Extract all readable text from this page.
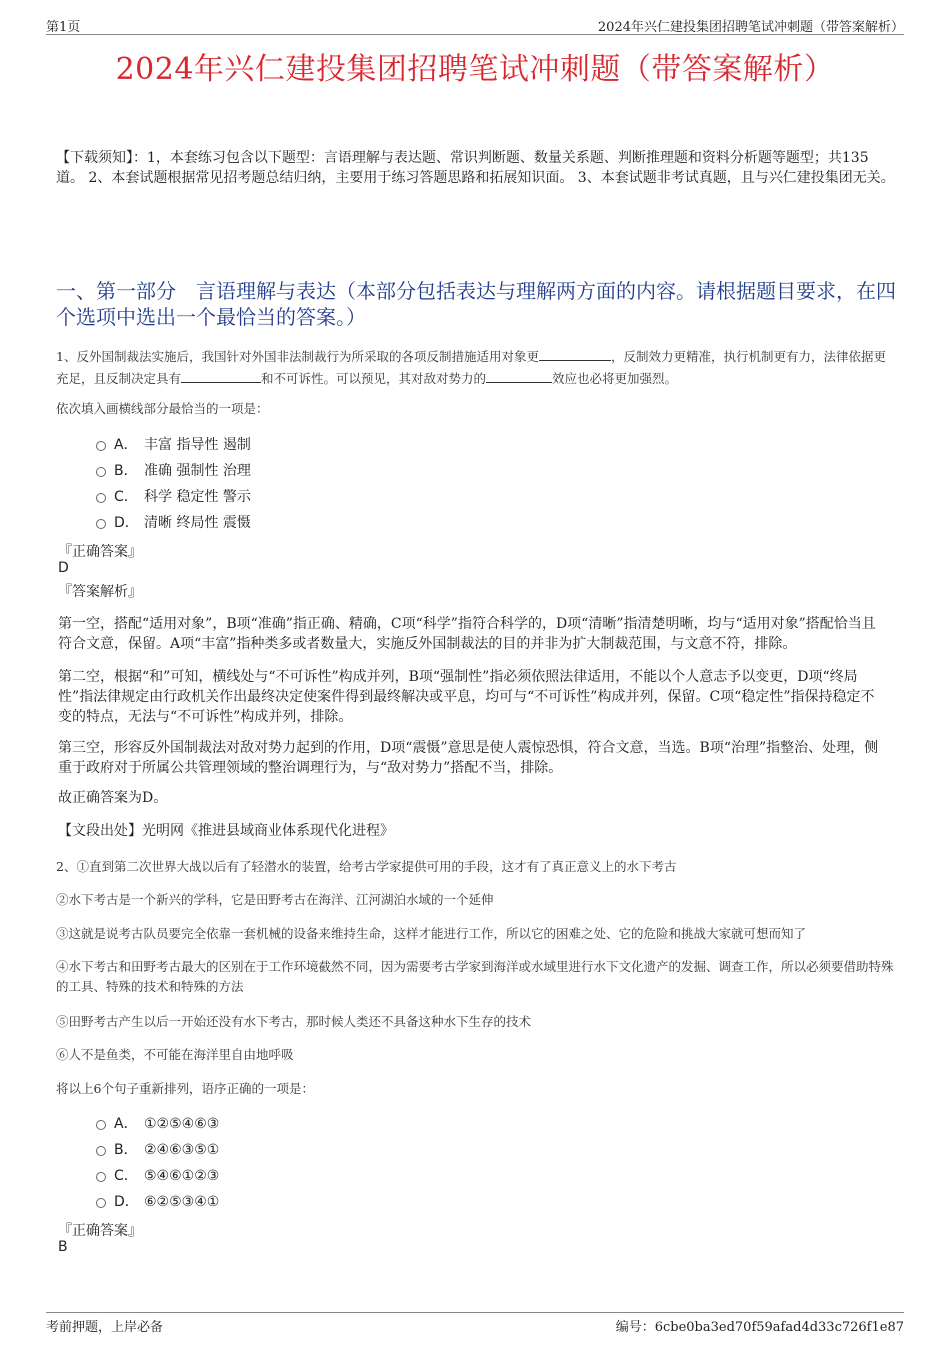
第1页	2024年兴仁建投集团招聘笔试冲刺题（带答案解析）
2024年兴仁建投集团招聘笔试冲刺题（带答案解析）
【下载须知】：1，本套练习包含以下题型：言语理解与表达题、常识判断题、数量关系题、判断推理题和资料分析题等题型；共135道。 2、本套试题根据常见招考题总结归纳，主要用于练习答题思路和拓展知识面。 3、本套试题非考试真题，且与兴仁建投集团无关。
一、第一部分　言语理解与表达（本部分包括表达与理解两方面的内容。请根据题目要求，在四个选项中选出一个最恰当的答案。）
1、反外国制裁法实施后，我国针对外国非法制裁行为所采取的各项反制措施适用对象更	，反制效力更精准，执行机制更有力，法律依据更充足，且反制决定具有	和不可诉性。可以预见，其对敌对势力的	效应也必将更加强烈。
依次填入画横线部分最恰当的一项是：
A． 丰富 指导性 遏制
B． 准确 强制性 治理
C． 科学 稳定性 警示
D． 清晰 终局性 震慑
『正确答案』
D
『答案解析』
第一空，搭配“适用对象”，B项“准确”指正确、精确，C项“科学”指符合科学的，D项“清晰”指清楚明晰，均与“适用对象”搭配恰当且符合文意，保留。A项“丰富”指种类多或者数量大，实施反外国制裁法的目的并非为扩大制裁范围，与文意不符，排除。
第二空，根据“和”可知，横线处与“不可诉性”构成并列，B项“强制性”指必须依照法律适用，不能以个人意志予以变更，D项“终局性”指法律规定由行政机关作出最终决定使案件得到最终解决或平息，均可与“不可诉性”构成并列，保留。C项“稳定性”指保持稳定不变的特点，无法与“不可诉性”构成并列，排除。
第三空，形容反外国制裁法对敌对势力起到的作用，D项“震慑”意思是使人震惊恐惧，符合文意，当选。B项“治理”指整治、处理，侧重于政府对于所属公共管理领域的整治调理行为，与“敌对势力”搭配不当，排除。
故正确答案为D。
【文段出处】光明网《推进县域商业体系现代化进程》
2、①直到第二次世界大战以后有了轻潜水的装置，给考古学家提供可用的手段，这才有了真正意义上的水下考古
②水下考古是一个新兴的学科，它是田野考古在海洋、江河湖泊水域的一个延伸
③这就是说考古队员要完全依靠一套机械的设备来维持生命，这样才能进行工作，所以它的困难之处、它的危险和挑战大家就可想而知了
④水下考古和田野考古最大的区别在于工作环境截然不同，因为需要考古学家到海洋或水域里进行水下文化遗产的发掘、调查工作，所以必须要借助特殊的工具、特殊的技术和特殊的方法
⑤田野考古产生以后一开始还没有水下考古，那时候人类还不具备这种水下生存的技术
⑥人不是鱼类，不可能在海洋里自由地呼吸
将以上6个句子重新排列，语序正确的一项是：
A． ①②⑤④⑥③
B． ②④⑥③⑤①
C． ⑤④⑥①②③
D． ⑥②⑤③④①
『正确答案』
B
考前押题，上岸必备	编号：6cbe0ba3ed70f59afad4d33c726f1e87
